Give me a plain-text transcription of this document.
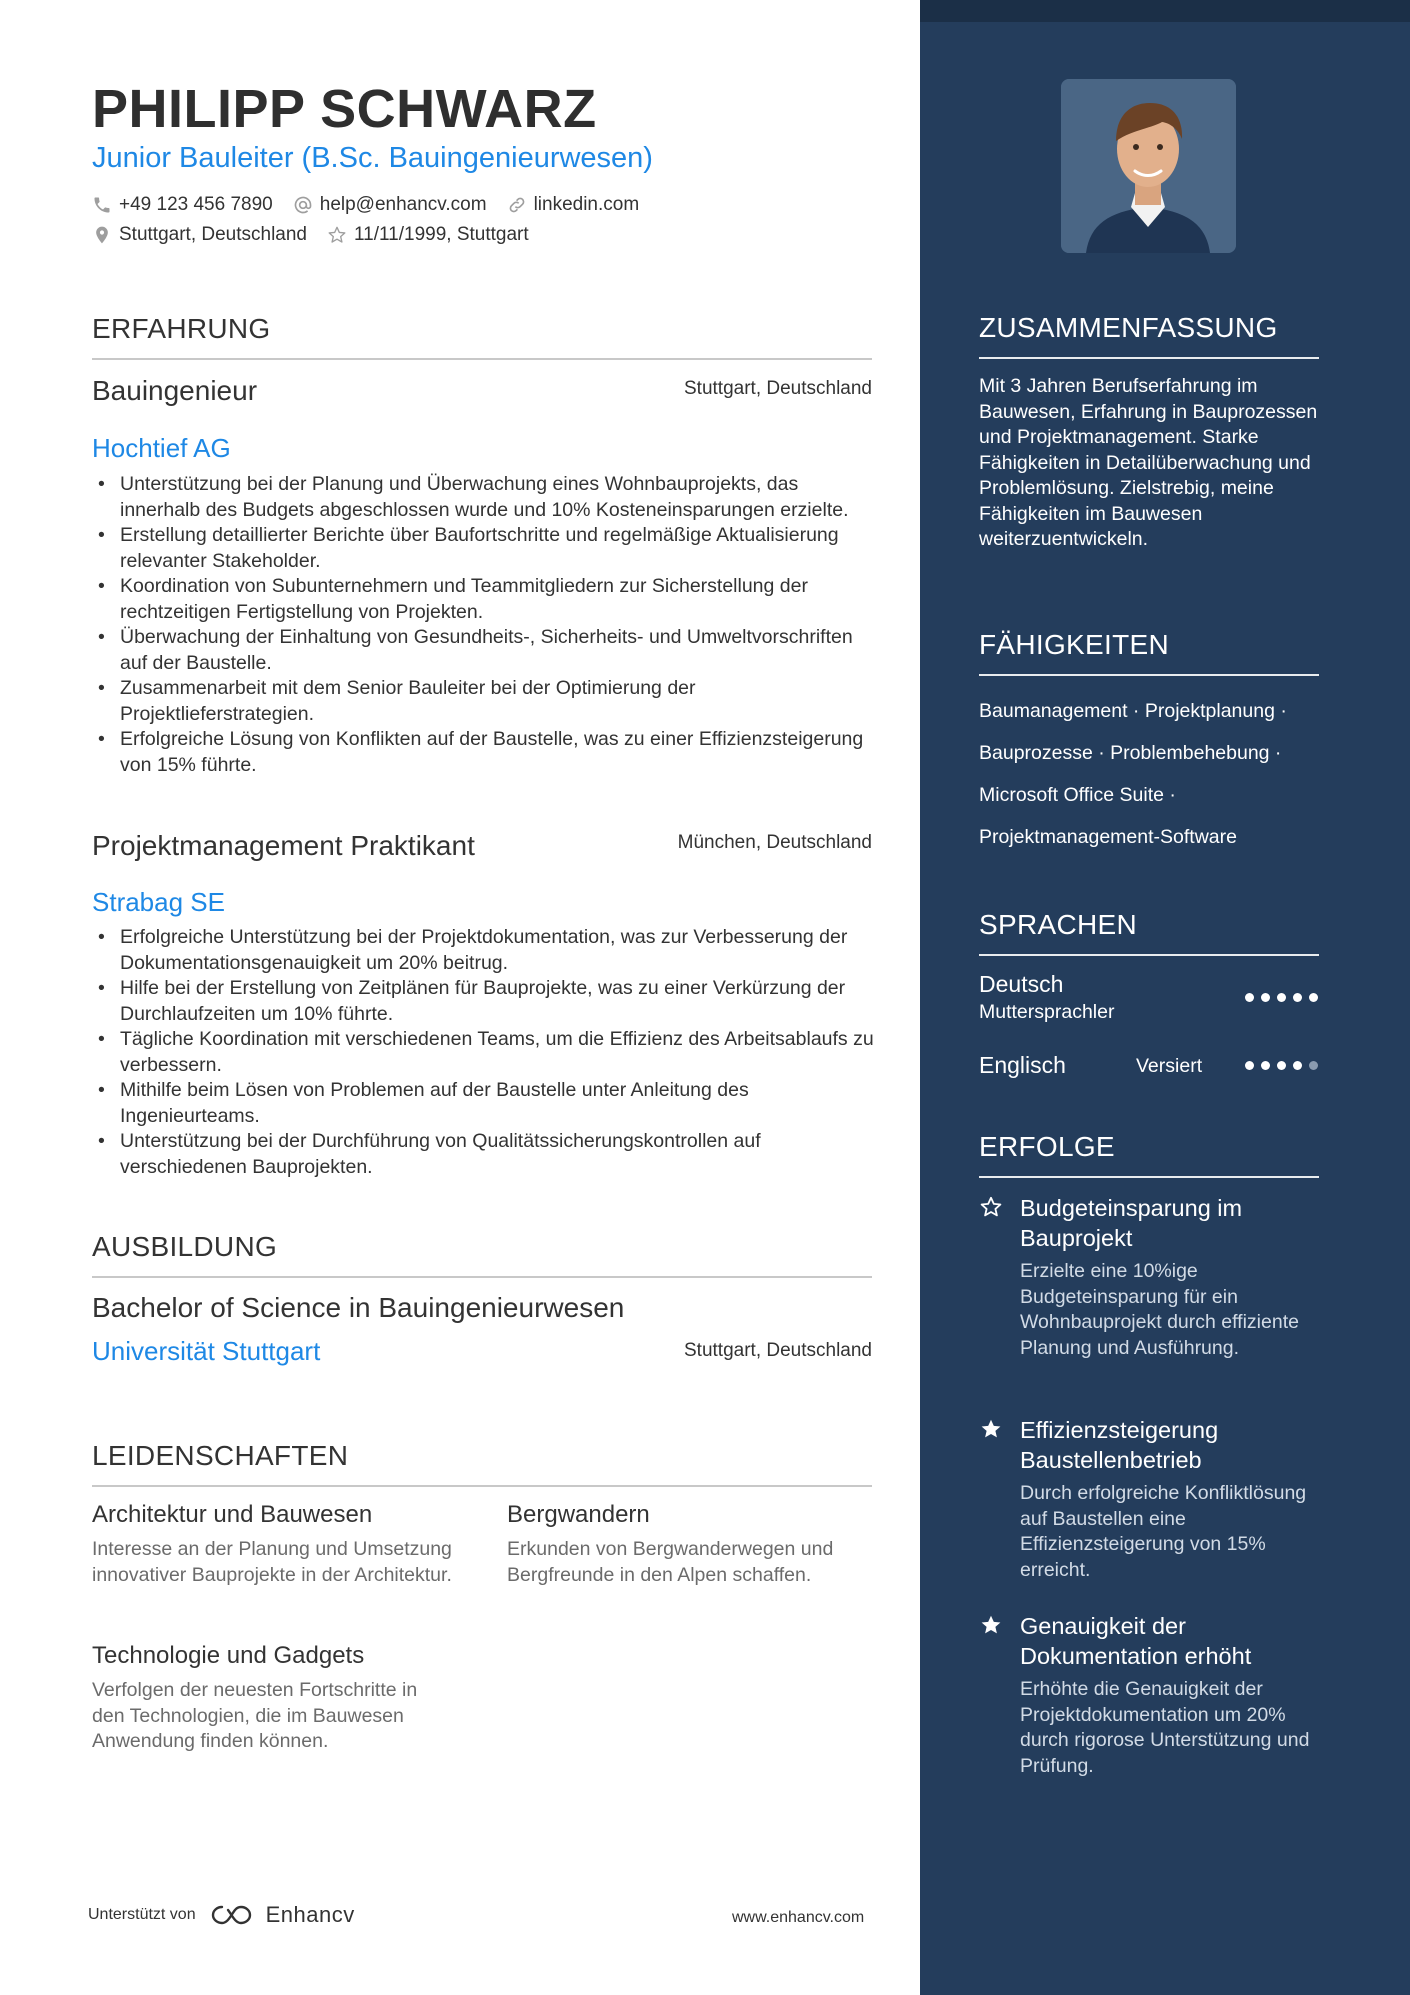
PHILIPP SCHWARZ
Junior Bauleiter (B.Sc. Bauingenieurwesen)
+49 123 456 7890 help@enhancv.com linkedin.com
Stuttgart, Deutschland 11/11/1999, Stuttgart
ERFAHRUNG
Bauingenieur	Stuttgart, Deutschland
Hochtief AG
• Unterstützung bei der Planung und Überwachung eines Wohnbauprojekts, das innerhalb des Budgets abgeschlossen wurde und 10% Kosteneinsparungen erzielte.
• Erstellung detaillierter Berichte über Baufortschritte und regelmäßige Aktualisierung relevanter Stakeholder.
• Koordination von Subunternehmern und Teammitgliedern zur Sicherstellung der rechtzeitigen Fertigstellung von Projekten.
• Überwachung der Einhaltung von Gesundheits-, Sicherheits- und Umweltvorschriften auf der Baustelle.
• Zusammenarbeit mit dem Senior Bauleiter bei der Optimierung der Projektlieferstrategien.
• Erfolgreiche Lösung von Konflikten auf der Baustelle, was zu einer Effizienzsteigerung von 15% führte.
Projektmanagement Praktikant	München, Deutschland
Strabag SE
• Erfolgreiche Unterstützung bei der Projektdokumentation, was zur Verbesserung der Dokumentationsgenauigkeit um 20% beitrug.
• Hilfe bei der Erstellung von Zeitplänen für Bauprojekte, was zu einer Verkürzung der Durchlaufzeiten um 10% führte.
• Tägliche Koordination mit verschiedenen Teams, um die Effizienz des Arbeitsablaufs zu verbessern.
• Mithilfe beim Lösen von Problemen auf der Baustelle unter Anleitung des Ingenieurteams.
• Unterstützung bei der Durchführung von Qualitätssicherungskontrollen auf verschiedenen Bauprojekten.
AUSBILDUNG
Bachelor of Science in Bauingenieurwesen
Universität Stuttgart	Stuttgart, Deutschland
LEIDENSCHAFTEN
Architektur und Bauwesen
Interesse an der Planung und Umsetzung innovativer Bauprojekte in der Architektur.
Bergwandern
Erkunden von Bergwanderwegen und Bergfreunde in den Alpen schaffen.
Technologie und Gadgets
Verfolgen der neuesten Fortschritte in den Technologien, die im Bauwesen Anwendung finden können.
Unterstützt von	Enhancv	www.enhancv.com
ZUSAMMENFASSUNG
Mit 3 Jahren Berufserfahrung im Bauwesen, Erfahrung in Bauprozessen und Projektmanagement. Starke Fähigkeiten in Detailüberwachung und Problemlösung. Zielstrebig, meine Fähigkeiten im Bauwesen weiterzuentwickeln.
FÄHIGKEITEN
Baumanagement · Projektplanung ·
Bauprozesse · Problembehebung ·
Microsoft Office Suite ·
Projektmanagement-Software
SPRACHEN
Deutsch
Muttersprachler
Englisch	Versiert
ERFOLGE
Budgeteinsparung im Bauprojekt
Erzielte eine 10%ige Budgeteinsparung für ein Wohnbauprojekt durch effiziente Planung und Ausführung.
Effizienzsteigerung Baustellenbetrieb
Durch erfolgreiche Konfliktlösung auf Baustellen eine Effizienzsteigerung von 15% erreicht.
Genauigkeit der Dokumentation erhöht
Erhöhte die Genauigkeit der Projektdokumentation um 20% durch rigorose Unterstützung und Prüfung.
